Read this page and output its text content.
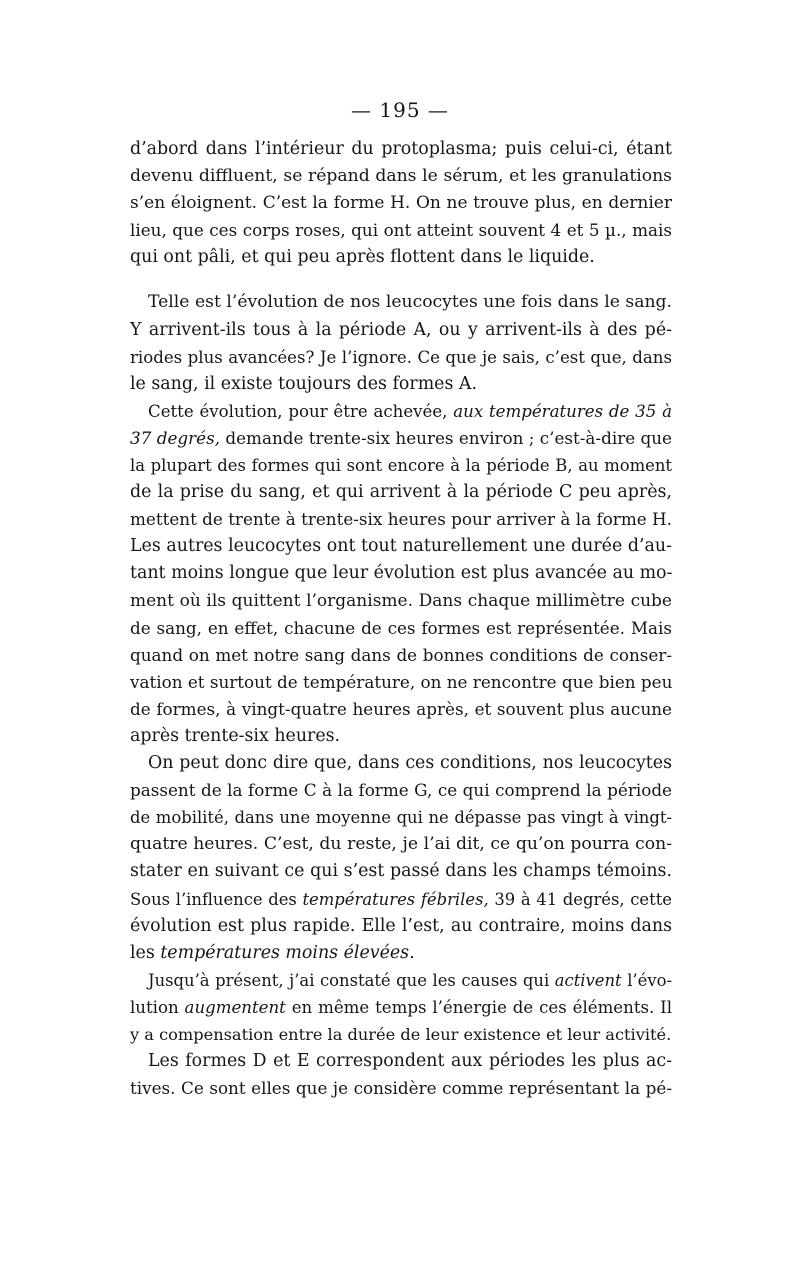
— 195 —
d’abord dans l’intérieur du protoplasma; puis celui-ci, étant
devenu diffluent, se répand dans le sérum, et les granulations
s’en éloignent. C’est la forme H. On ne trouve plus, en dernier
lieu, que ces corps roses, qui ont atteint souvent 4 et 5 µ., mais
qui ont pâli, et qui peu après flottent dans le liquide.
Telle est l’évolution de nos leucocytes une fois dans le sang.
Y arrivent-ils tous à la période A, ou y arrivent-ils à des pé-
riodes plus avancées? Je l’ignore. Ce que je sais, c’est que, dans
le sang, il existe toujours des formes A.
Cette évolution, pour être achevée, aux températures de 35 à
37 degrés, demande trente-six heures environ ; c’est-à-dire que
la plupart des formes qui sont encore à la période B, au moment
de la prise du sang, et qui arrivent à la période C peu après,
mettent de trente à trente-six heures pour arriver à la forme H.
Les autres leucocytes ont tout naturellement une durée d’au-
tant moins longue que leur évolution est plus avancée au mo-
ment où ils quittent l’organisme. Dans chaque millimètre cube
de sang, en effet, chacune de ces formes est représentée. Mais
quand on met notre sang dans de bonnes conditions de conser-
vation et surtout de température, on ne rencontre que bien peu
de formes, à vingt-quatre heures après, et souvent plus aucune
après trente-six heures.
On peut donc dire que, dans ces conditions, nos leucocytes
passent de la forme C à la forme G, ce qui comprend la période
de mobilité, dans une moyenne qui ne dépasse pas vingt à vingt-
quatre heures. C’est, du reste, je l’ai dit, ce qu’on pourra con-
stater en suivant ce qui s’est passé dans les champs témoins.
Sous l’influence des températures fébriles, 39 à 41 degrés, cette
évolution est plus rapide. Elle l’est, au contraire, moins dans
les températures moins élevées.
Jusqu’à présent, j’ai constaté que les causes qui activent l’évo-
lution augmentent en même temps l’énergie de ces éléments. Il
y a compensation entre la durée de leur existence et leur activité.
Les formes D et E correspondent aux périodes les plus ac-
tives. Ce sont elles que je considère comme représentant la pé-
